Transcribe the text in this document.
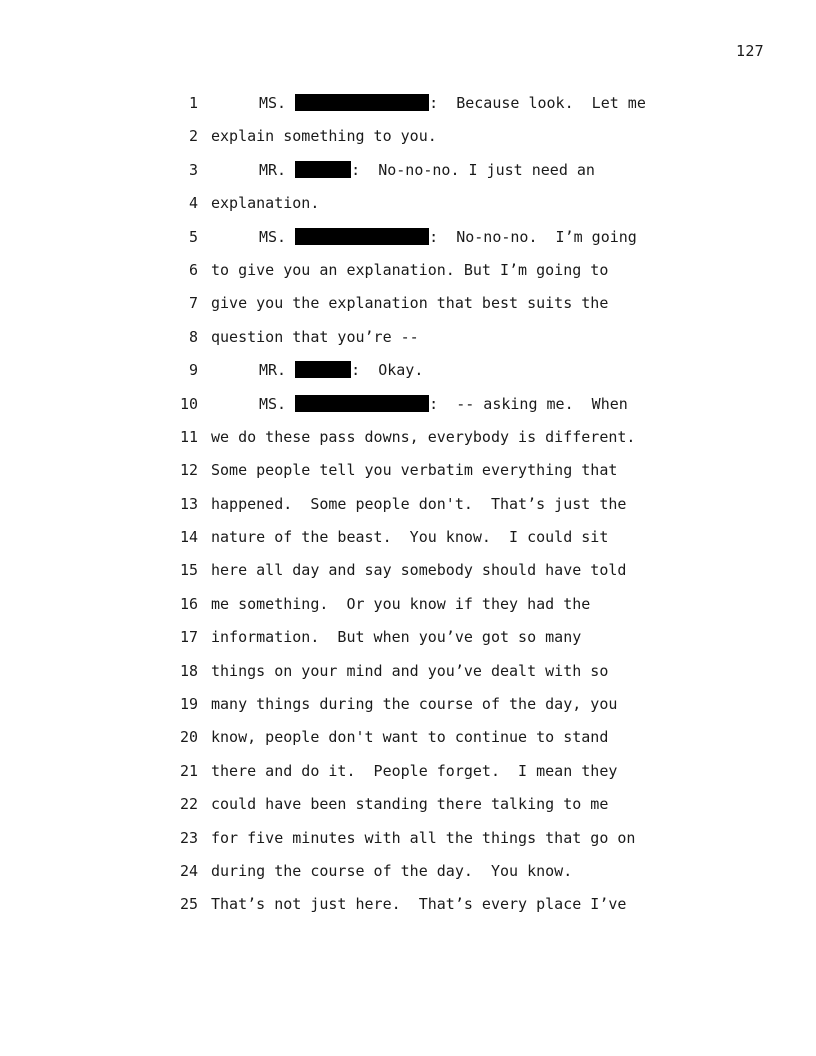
127
1	MS.	:  Because look.  Let me
2 explain something to you.
3	MR.	:  No-no-no. I just need an
4 explanation.
5	MS.	:  No-no-no.  I’m going
6 to give you an explanation. But I’m going to
7 give you the explanation that best suits the
8 question that you’re --
9	MR.	:  Okay.
10	MS.	:  -- asking me.  When
11 we do these pass downs, everybody is different.
12 Some people tell you verbatim everything that
13 happened.  Some people don't.  That’s just the
14 nature of the beast.  You know.  I could sit
15 here all day and say somebody should have told
16 me something.  Or you know if they had the
17 information.  But when you’ve got so many
18 things on your mind and you’ve dealt with so
19 many things during the course of the day, you
20 know, people don't want to continue to stand
21 there and do it.  People forget.  I mean they
22 could have been standing there talking to me
23 for five minutes with all the things that go on
24 during the course of the day.  You know.
25 That’s not just here.  That’s every place I’ve
